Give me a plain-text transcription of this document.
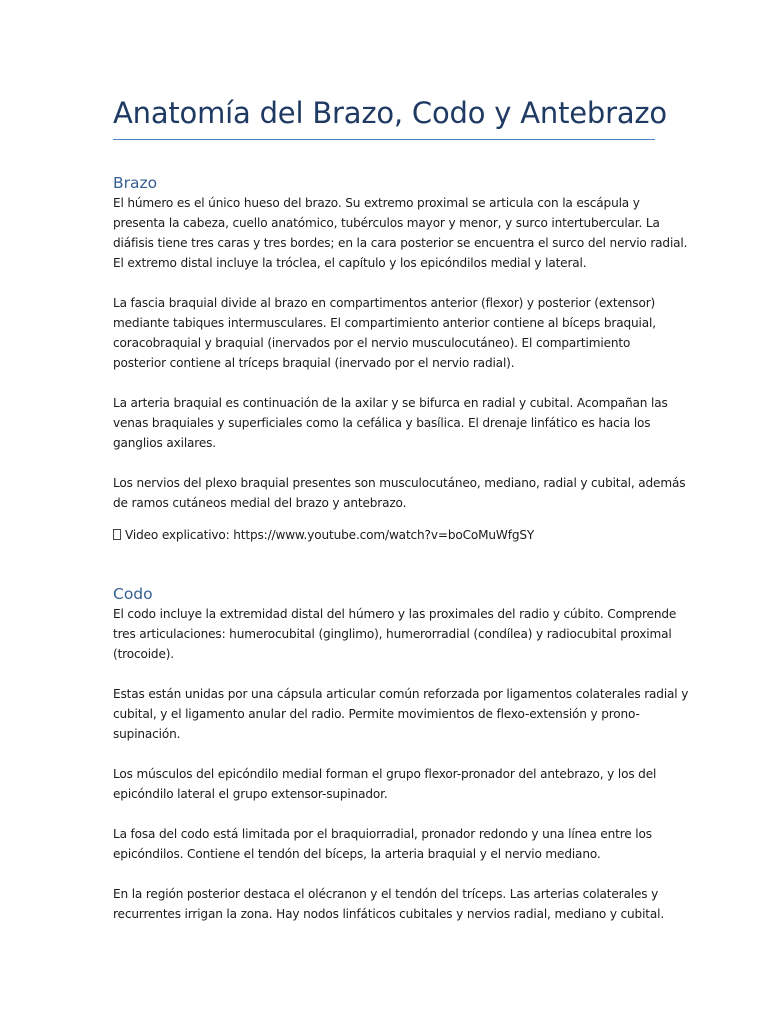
Anatomía del Brazo, Codo y Antebrazo
Brazo
El húmero es el único hueso del brazo. Su extremo proximal se articula con la escápula y
presenta la cabeza, cuello anatómico, tubérculos mayor y menor, y surco intertubercular. La
diáfisis tiene tres caras y tres bordes; en la cara posterior se encuentra el surco del nervio radial.
El extremo distal incluye la tróclea, el capítulo y los epicóndilos medial y lateral.
La fascia braquial divide al brazo en compartimentos anterior (flexor) y posterior (extensor)
mediante tabiques intermusculares. El compartimiento anterior contiene al bíceps braquial,
coracobraquial y braquial (inervados por el nervio musculocutáneo). El compartimiento
posterior contiene al tríceps braquial (inervado por el nervio radial).
La arteria braquial es continuación de la axilar y se bifurca en radial y cubital. Acompañan las
venas braquiales y superficiales como la cefálica y basílica. El drenaje linfático es hacia los
ganglios axilares.
Los nervios del plexo braquial presentes son musculocutáneo, mediano, radial y cubital, además
de ramos cutáneos medial del brazo y antebrazo.
Video explicativo: https://www.youtube.com/watch?v=boCoMuWfgSY
Codo
El codo incluye la extremidad distal del húmero y las proximales del radio y cúbito. Comprende
tres articulaciones: humerocubital (ginglimo), humerorradial (condílea) y radiocubital proximal
(trocoide).
Estas están unidas por una cápsula articular común reforzada por ligamentos colaterales radial y
cubital, y el ligamento anular del radio. Permite movimientos de flexo-extensión y prono-
supinación.
Los músculos del epicóndilo medial forman el grupo flexor-pronador del antebrazo, y los del
epicóndilo lateral el grupo extensor-supinador.
La fosa del codo está limitada por el braquiorradial, pronador redondo y una línea entre los
epicóndilos. Contiene el tendón del bíceps, la arteria braquial y el nervio mediano.
En la región posterior destaca el olécranon y el tendón del tríceps. Las arterias colaterales y
recurrentes irrigan la zona. Hay nodos linfáticos cubitales y nervios radial, mediano y cubital.
